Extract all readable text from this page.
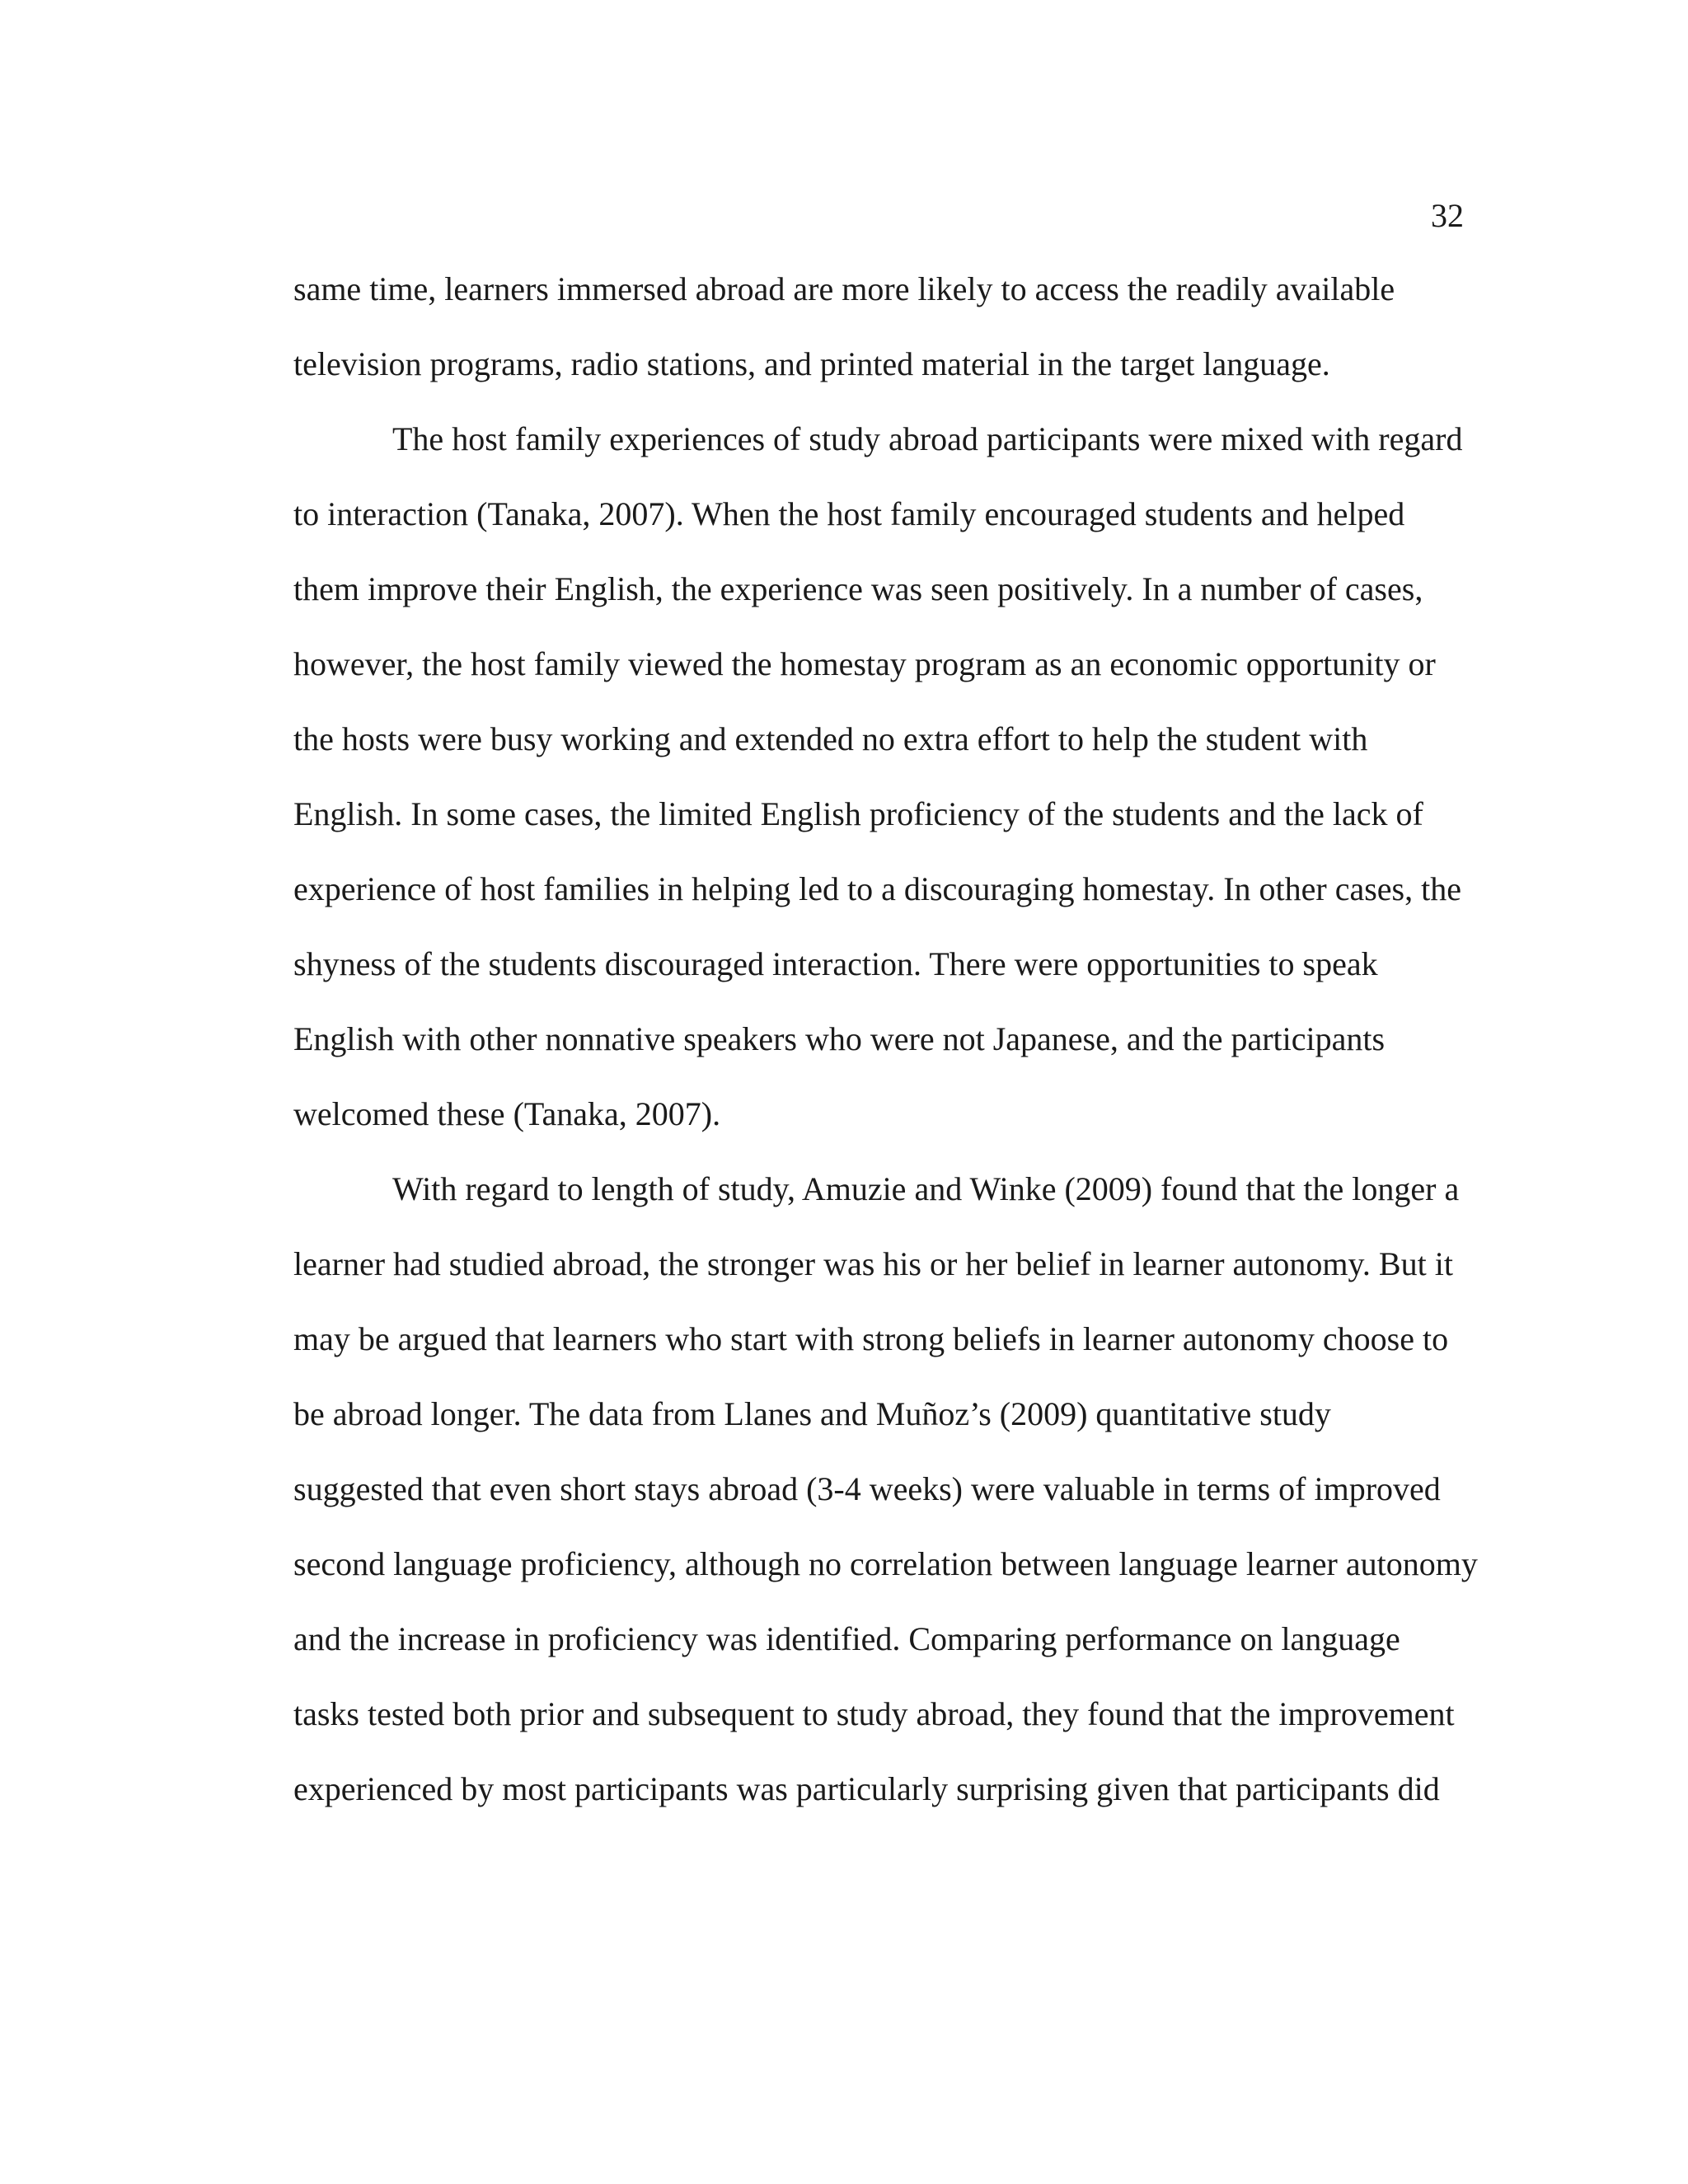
32

same time, learners immersed abroad are more likely to access the readily available

television programs, radio stations, and printed material in the target language.

The host family experiences of study abroad participants were mixed with regard

to interaction (Tanaka, 2007). When the host family encouraged students and helped

them improve their English, the experience was seen positively. In a number of cases,

however, the host family viewed the homestay program as an economic opportunity or

the hosts were busy working and extended no extra effort to help the student with

English. In some cases, the limited English proficiency of the students and the lack of

experience of host families in helping led to a discouraging homestay. In other cases, the

shyness of the students discouraged interaction. There were opportunities to speak

English with other nonnative speakers who were not Japanese, and the participants

welcomed these (Tanaka, 2007).

With regard to length of study, Amuzie and Winke (2009) found that the longer a

learner had studied abroad, the stronger was his or her belief in learner autonomy. But it

may be argued that learners who start with strong beliefs in learner autonomy choose to

be abroad longer. The data from Llanes and Muñoz’s (2009) quantitative study

suggested that even short stays abroad (3-4 weeks) were valuable in terms of improved

second language proficiency, although no correlation between language learner autonomy

and the increase in proficiency was identified. Comparing performance on language

tasks tested both prior and subsequent to study abroad, they found that the improvement

experienced by most participants was particularly surprising given that participants did
